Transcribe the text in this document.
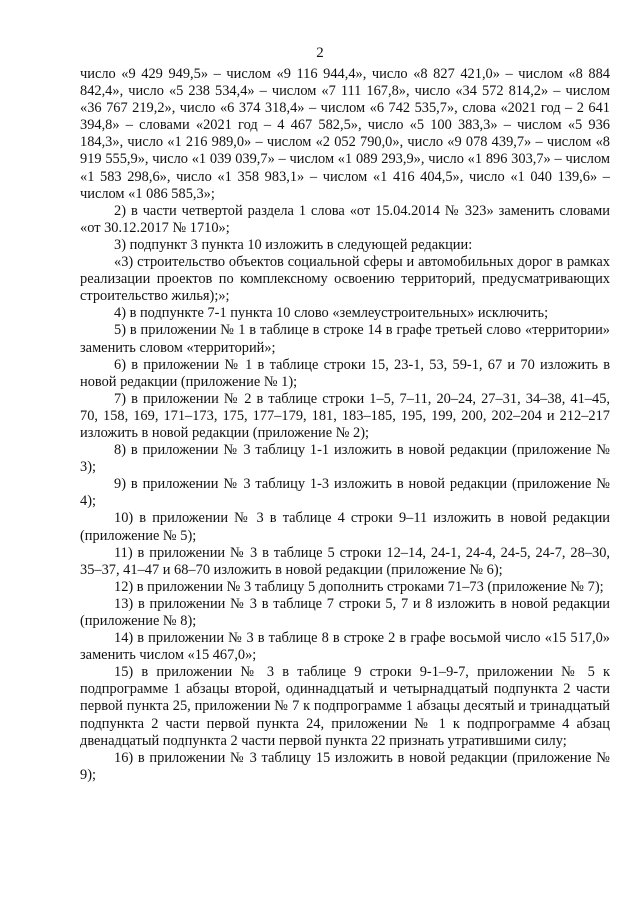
2

число «9 429 949,5» – числом «9 116 944,4», число «8 827 421,0» – числом «8 884 842,4», число «5 238 534,4» – числом «7 111 167,8», число «34 572 814,2» – числом «36 767 219,2», число «6 374 318,4» – числом «6 742 535,7», слова «2021 год – 2 641 394,8» – словами «2021 год – 4 467 582,5», число «5 100 383,3» – числом «5 936 184,3», число «1 216 989,0» – числом «2 052 790,0», число «9 078 439,7» – числом «8 919 555,9», число «1 039 039,7» – числом «1 089 293,9», число «1 896 303,7» – числом «1 583 298,6», число «1 358 983,1» – числом «1 416 404,5», число «1 040 139,6» – числом «1 086 585,3»;

2) в части четвертой раздела 1 слова «от 15.04.2014 № 323» заменить словами «от 30.12.2017 № 1710»;

3) подпункт 3 пункта 10 изложить в следующей редакции:

«3) строительство объектов социальной сферы и автомобильных дорог в рамках реализации проектов по комплексному освоению территорий, предусматривающих строительство жилья);»;

4) в подпункте 7-1 пункта 10 слово «землеустроительных» исключить;

5) в приложении № 1 в таблице в строке 14 в графе третьей слово «территории» заменить словом «территорий»;

6) в приложении № 1 в таблице строки 15, 23-1, 53, 59-1, 67 и 70 изложить в новой редакции (приложение № 1);

7) в приложении № 2 в таблице строки 1–5, 7–11, 20–24, 27–31, 34–38, 41–45, 70, 158, 169, 171–173, 175, 177–179, 181, 183–185, 195, 199, 200, 202–204 и 212–217 изложить в новой редакции (приложение № 2);

8) в приложении № 3 таблицу 1-1 изложить в новой редакции (приложение № 3);

9) в приложении № 3 таблицу 1-3 изложить в новой редакции (приложение № 4);

10) в приложении № 3 в таблице 4 строки 9–11 изложить в новой редакции (приложение № 5);

11) в приложении № 3 в таблице 5 строки 12–14, 24-1, 24-4, 24-5, 24-7, 28–30, 35–37, 41–47 и 68–70 изложить в новой редакции (приложение № 6);

12) в приложении № 3 таблицу 5 дополнить строками 71–73 (приложение № 7);

13) в приложении № 3 в таблице 7 строки 5, 7 и 8 изложить в новой редакции (приложение № 8);

14) в приложении № 3 в таблице 8 в строке 2 в графе восьмой число «15 517,0» заменить числом «15 467,0»;

15) в приложении № 3 в таблице 9 строки 9-1–9-7, приложении № 5 к подпрограмме 1 абзацы второй, одиннадцатый и четырнадцатый подпункта 2 части первой пункта 25, приложении № 7 к подпрограмме 1 абзацы десятый и тринадцатый подпункта 2 части первой пункта 24, приложении № 1 к подпрограмме 4 абзац двенадцатый подпункта 2 части первой пункта 22 признать утратившими силу;

16) в приложении № 3 таблицу 15 изложить в новой редакции (приложение № 9);
